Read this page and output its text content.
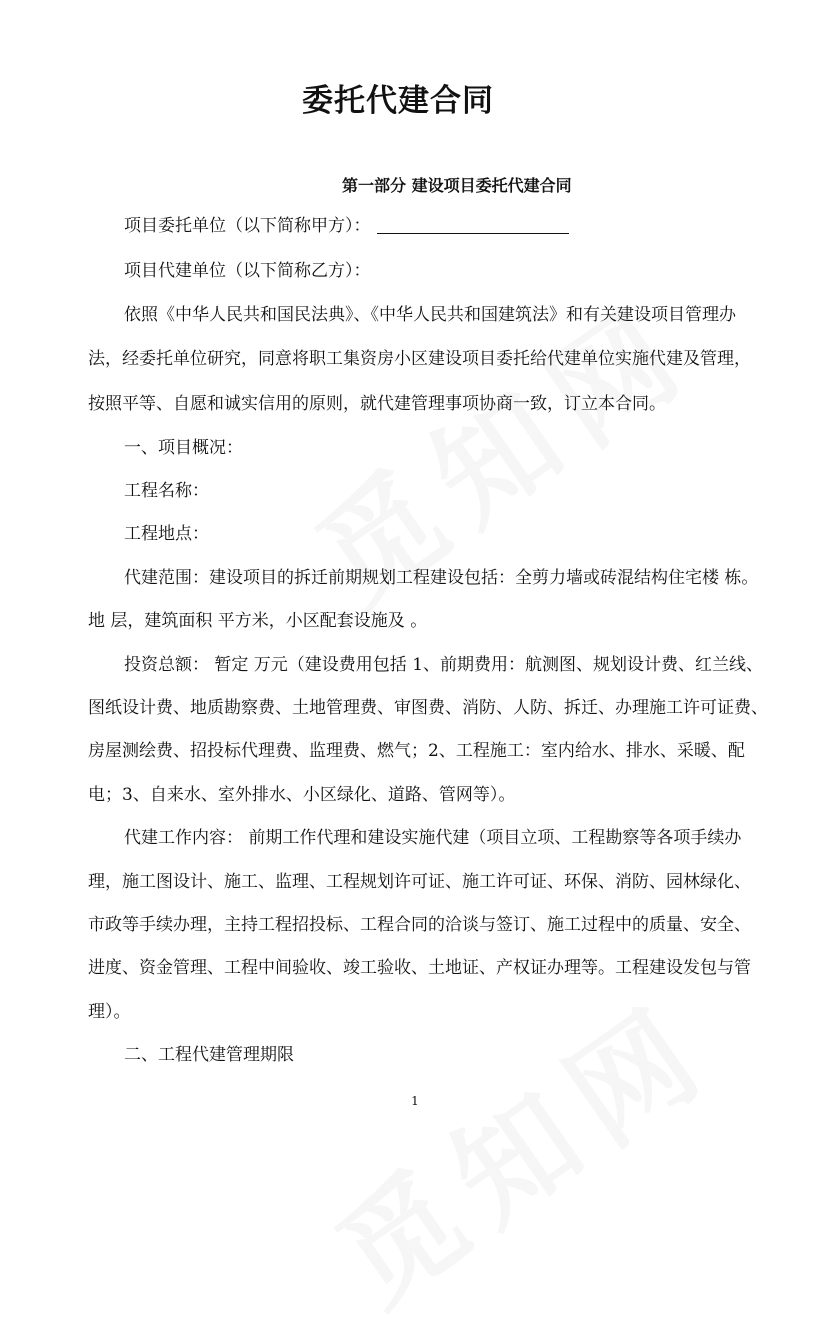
委托代建合同
第一部分 建设项目委托代建合同
项目委托单位（以下简称甲方）：
项目代建单位（以下简称乙方）：
依照《中华人民共和国民法典》、《中华人民共和国建筑法》和有关建设项目管理办
法，经委托单位研究，同意将职工集资房小区建设项目委托给代建单位实施代建及管理，
按照平等、自愿和诚实信用的原则，就代建管理事项协商一致，订立本合同。
一、项目概况：
工程名称：
工程地点：
代建范围：建设项目的拆迁前期规划工程建设包括：全剪力墙或砖混结构住宅楼 栋。
地 层，建筑面积 平方米，小区配套设施及 。
投资总额： 暂定 万元（建设费用包括 1、前期费用：航测图、规划设计费、红兰线、
图纸设计费、地质勘察费、土地管理费、审图费、消防、人防、拆迁、办理施工许可证费、
房屋测绘费、招投标代理费、监理费、燃气；2、工程施工：室内给水、排水、采暖、配
电；3、自来水、室外排水、小区绿化、道路、管网等）。
代建工作内容： 前期工作代理和建设实施代建（项目立项、工程勘察等各项手续办
理，施工图设计、施工、监理、工程规划许可证、施工许可证、环保、消防、园林绿化、
市政等手续办理，主持工程招投标、工程合同的洽谈与签订、施工过程中的质量、安全、
进度、资金管理、工程中间验收、竣工验收、土地证、产权证办理等。工程建设发包与管
理）。
二、工程代建管理期限
1
